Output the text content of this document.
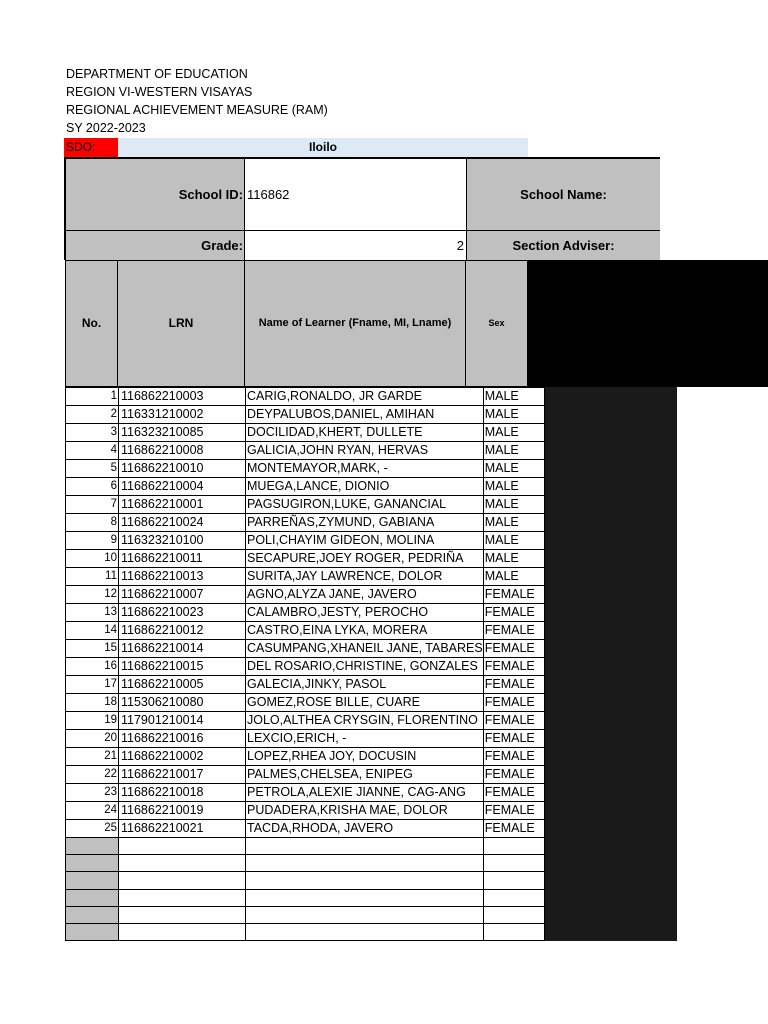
DEPARTMENT OF EDUCATION
REGION VI-WESTERN VISAYAS
REGIONAL ACHIEVEMENT MEASURE (RAM)
SY 2022-2023
SDO:	Iloilo
School ID: 116862	School Name:
Grade:	2	Section Adviser:
No.	LRN	Name of Learner (Fname, MI, Lname)	Sex
1	116862210003	CARIG,RONALDO, JR GARDE	MALE	
2	116331210002	DEYPALUBOS,DANIEL, AMIHAN	MALE	
3	116323210085	DOCILIDAD,KHERT, DULLETE	MALE	
4	116862210008	GALICIA,JOHN RYAN, HERVAS	MALE	
5	116862210010	MONTEMAYOR,MARK, -	MALE	
6	116862210004	MUEGA,LANCE, DIONIO	MALE	
7	116862210001	PAGSUGIRON,LUKE, GANANCIAL	MALE	
8	116862210024	PARREÑAS,ZYMUND, GABIANA	MALE	
9	116323210100	POLI,CHAYIM GIDEON, MOLINA	MALE	
10	116862210011	SECAPURE,JOEY ROGER, PEDRIÑA	MALE	
11	116862210013	SURITA,JAY LAWRENCE, DOLOR	MALE	
12	116862210007	AGNO,ALYZA JANE, JAVERO	FEMALE	
13	116862210023	CALAMBRO,JESTY, PEROCHO	FEMALE	
14	116862210012	CASTRO,EINA LYKA, MORERA	FEMALE	
15	116862210014	CASUMPANG,XHANEIL JANE, TABARES	FEMALE	
16	116862210015	DEL ROSARIO,CHRISTINE, GONZALES	FEMALE	
17	116862210005	GALECIA,JINKY, PASOL	FEMALE	
18	115306210080	GOMEZ,ROSE BILLE, CUARE	FEMALE	
19	117901210014	JOLO,ALTHEA CRYSGIN, FLORENTINO	FEMALE	
20	116862210016	LEXCIO,ERICH, -	FEMALE	
21	116862210002	LOPEZ,RHEA JOY, DOCUSIN	FEMALE	
22	116862210017	PALMES,CHELSEA, ENIPEG	FEMALE	
23	116862210018	PETROLA,ALEXIE JIANNE, CAG-ANG	FEMALE	
24	116862210019	PUDADERA,KRISHA MAE, DOLOR	FEMALE	
25	116862210021	TACDA,RHODA, JAVERO	FEMALE	
